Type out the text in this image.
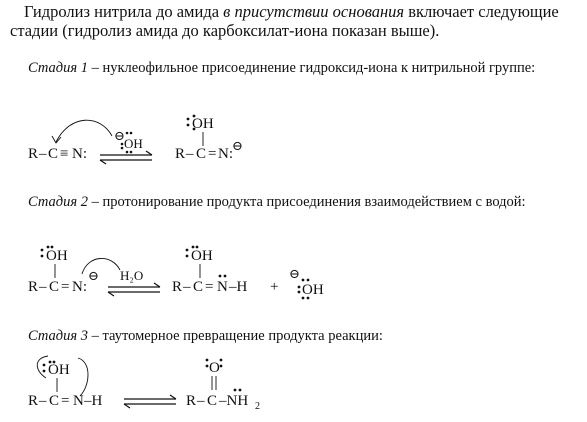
Гидролиз нитрила до амида в присутствии основания включает следующие стадии (гидролиз амида до карбоксилат-иона показан выше).

Стадия 1 – нуклеофильное присоединение гидроксид-иона к нитрильной группе:

R – C ≡ N:
⊖
OH
OH
R – C = N:
⊖

Стадия 2 – протонирование продукта присоединения взаимодействием с водой:

OH
R – C = N:
⊖ H₂O
OH
R – C = N –H +
⊖
OH

Стадия 3 – таутомерное превращение продукта реакции:

OH
R – C = N –H
O
R – C –NH 2
